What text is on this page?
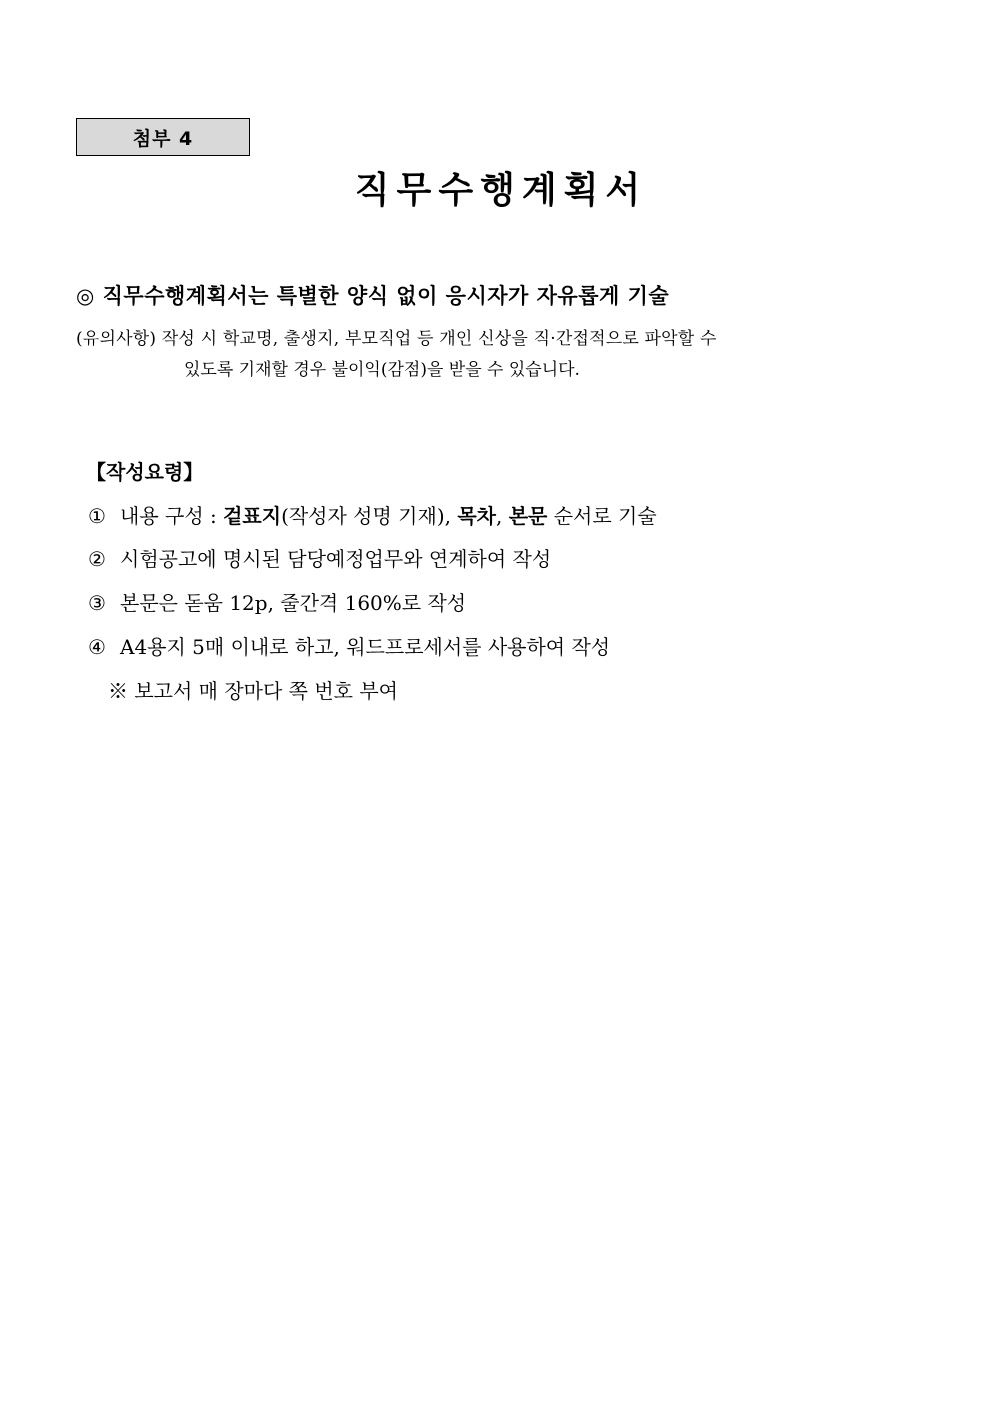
첨부 4
직무수행계획서
◎ 직무수행계획서는 특별한 양식 없이 응시자가 자유롭게 기술
(유의사항) 작성 시 학교명, 출생지, 부모직업 등 개인 신상을 직·간접적으로 파악할 수
있도록 기재할 경우 불이익(감점)을 받을 수 있습니다.
【작성요령】
① 내용 구성 : 겉표지(작성자 성명 기재), 목차, 본문 순서로 기술
② 시험공고에 명시된 담당예정업무와 연계하여 작성
③ 본문은 돋움 12p, 줄간격 160%로 작성
④ A4용지 5매 이내로 하고, 워드프로세서를 사용하여 작성
※ 보고서 매 장마다 쪽 번호 부여
